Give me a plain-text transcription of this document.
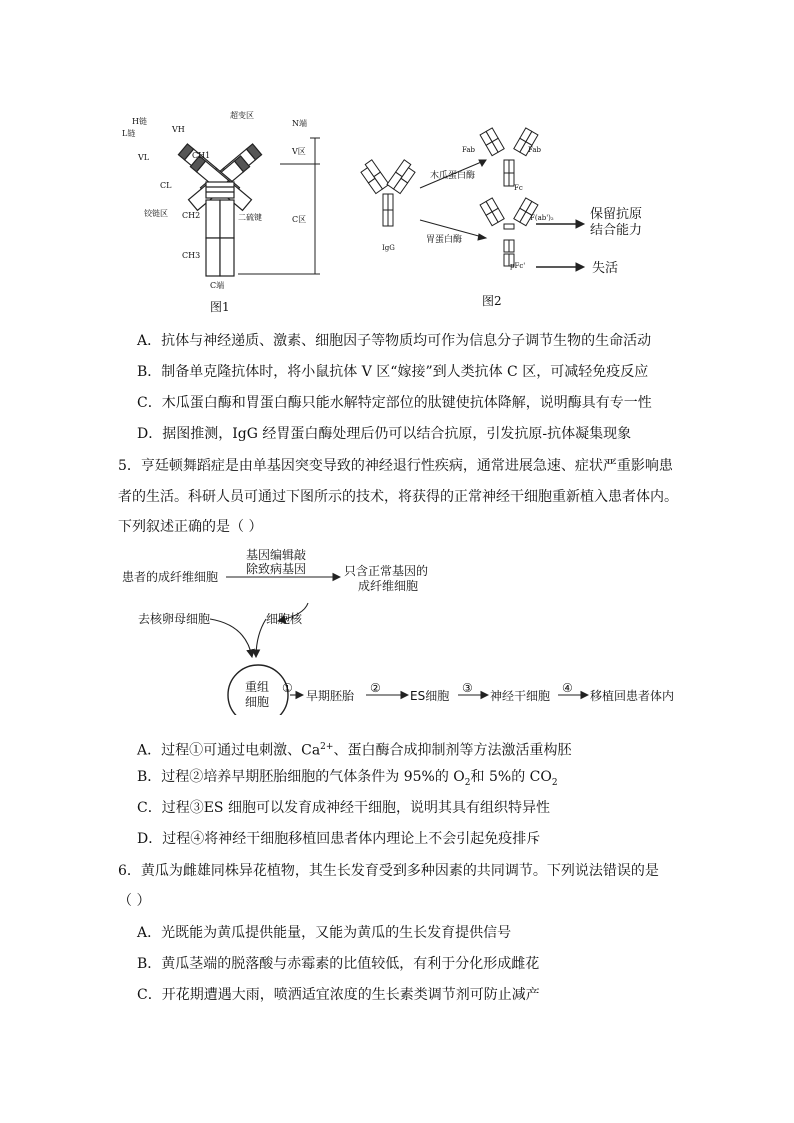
H链
L链	VH
VL	CH1
CL
铰链区 CH2
CH3
二硫键
超变区
N端
C端
V区
C区
图1
IgG
Fab	Fab
Fc
F(ab')₂
pFc'
木瓜蛋白酶
胃蛋白酶
保留抗原
结合能力
失活
图2
A．抗体与神经递质、激素、细胞因子等物质均可作为信息分子调节生物的生命活动
B．制备单克隆抗体时，将小鼠抗体 V 区“嫁接”到人类抗体 C 区，可减轻免疫反应
C．木瓜蛋白酶和胃蛋白酶只能水解特定部位的肽键使抗体降解，说明酶具有专一性
D．据图推测，IgG 经胃蛋白酶处理后仍可以结合抗原，引发抗原-抗体凝集现象
5．亨廷顿舞蹈症是由单基因突变导致的神经退行性疾病，通常进展急速、症状严重影响患
者的生活。科研人员可通过下图所示的技术，将获得的正常神经干细胞重新植入患者体内。
下列叙述正确的是（ ）
患者的成纤维细胞
基因编辑敲
除致病基因	只含正常基因的
成纤维细胞
去核卵母细胞	细胞核
重组
细胞
①
早期胚胎
②
ES细胞
③
神经干细胞
④
移植回患者体内
A．过程①可通过电刺激、$Ca^{2+}$、蛋白酶合成抑制剂等方法激活重构胚
B．过程②培养早期胚胎细胞的气体条件为 95%的 $O_2$和 5%的 $CO_2$
C．过程③ES 细胞可以发育成神经干细胞，说明其具有组织特异性
D．过程④将神经干细胞移植回患者体内理论上不会引起免疫排斥
6．黄瓜为雌雄同株异花植物，其生长发育受到多种因素的共同调节。下列说法错误的是
（ ）
A．光既能为黄瓜提供能量，又能为黄瓜的生长发育提供信号
B．黄瓜茎端的脱落酸与赤霉素的比值较低，有利于分化形成雌花
C．开花期遭遇大雨，喷洒适宜浓度的生长素类调节剂可防止减产
